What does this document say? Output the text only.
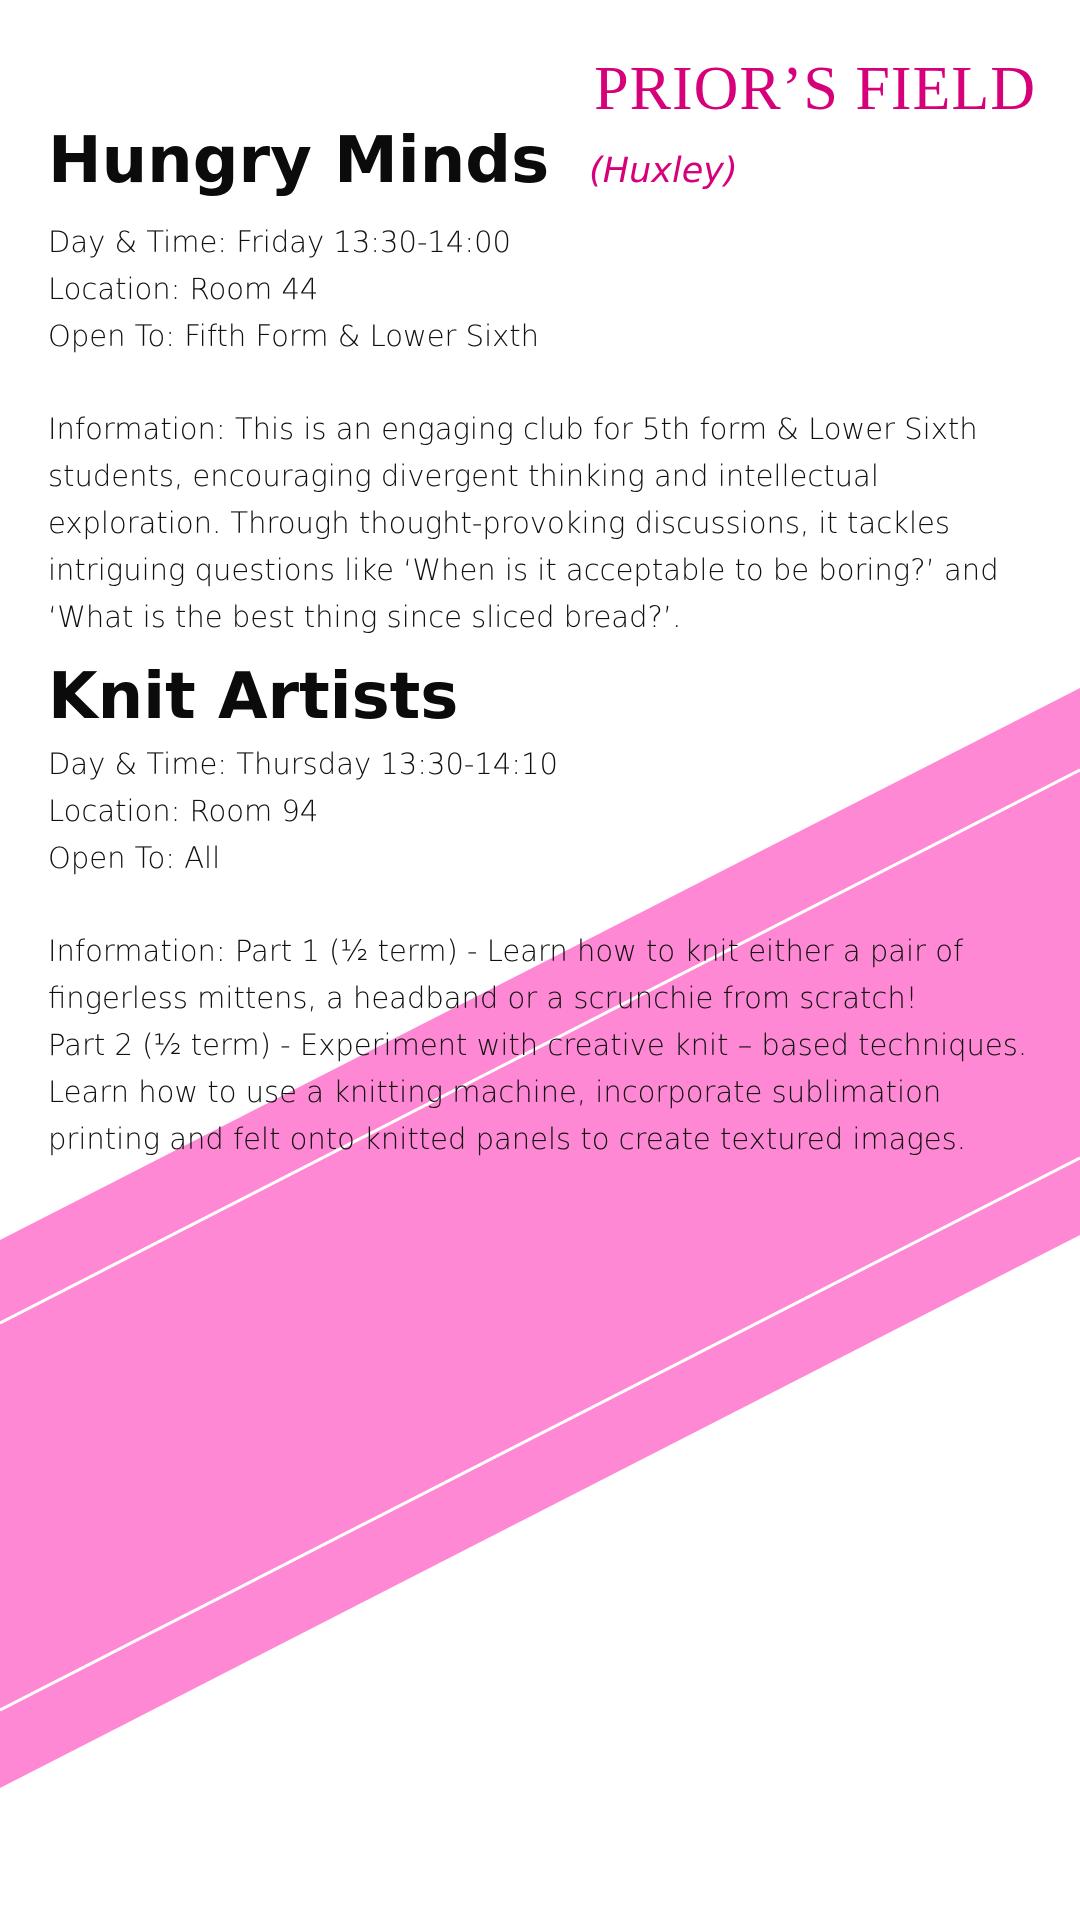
PRIOR’S FIELD
Hungry Minds (Huxley)
Day & Time: Friday 13:30-14:00
Location: Room 44
Open To: Fifth Form & Lower Sixth
Information: This is an engaging club for 5th form & Lower Sixth students, encouraging divergent thinking and intellectual exploration. Through thought-provoking discussions, it tackles intriguing questions like ‘When is it acceptable to be boring?’ and ‘What is the best thing since sliced bread?’.
Knit Artists
Day & Time: Thursday 13:30-14:10
Location: Room 94
Open To: All
Information: Part 1 (½ term) - Learn how to knit either a pair of fingerless mittens, a headband or a scrunchie from scratch!
Part 2 (½ term) - Experiment with creative knit – based techniques. Learn how to use a knitting machine, incorporate sublimation printing and felt onto knitted panels to create textured images.
